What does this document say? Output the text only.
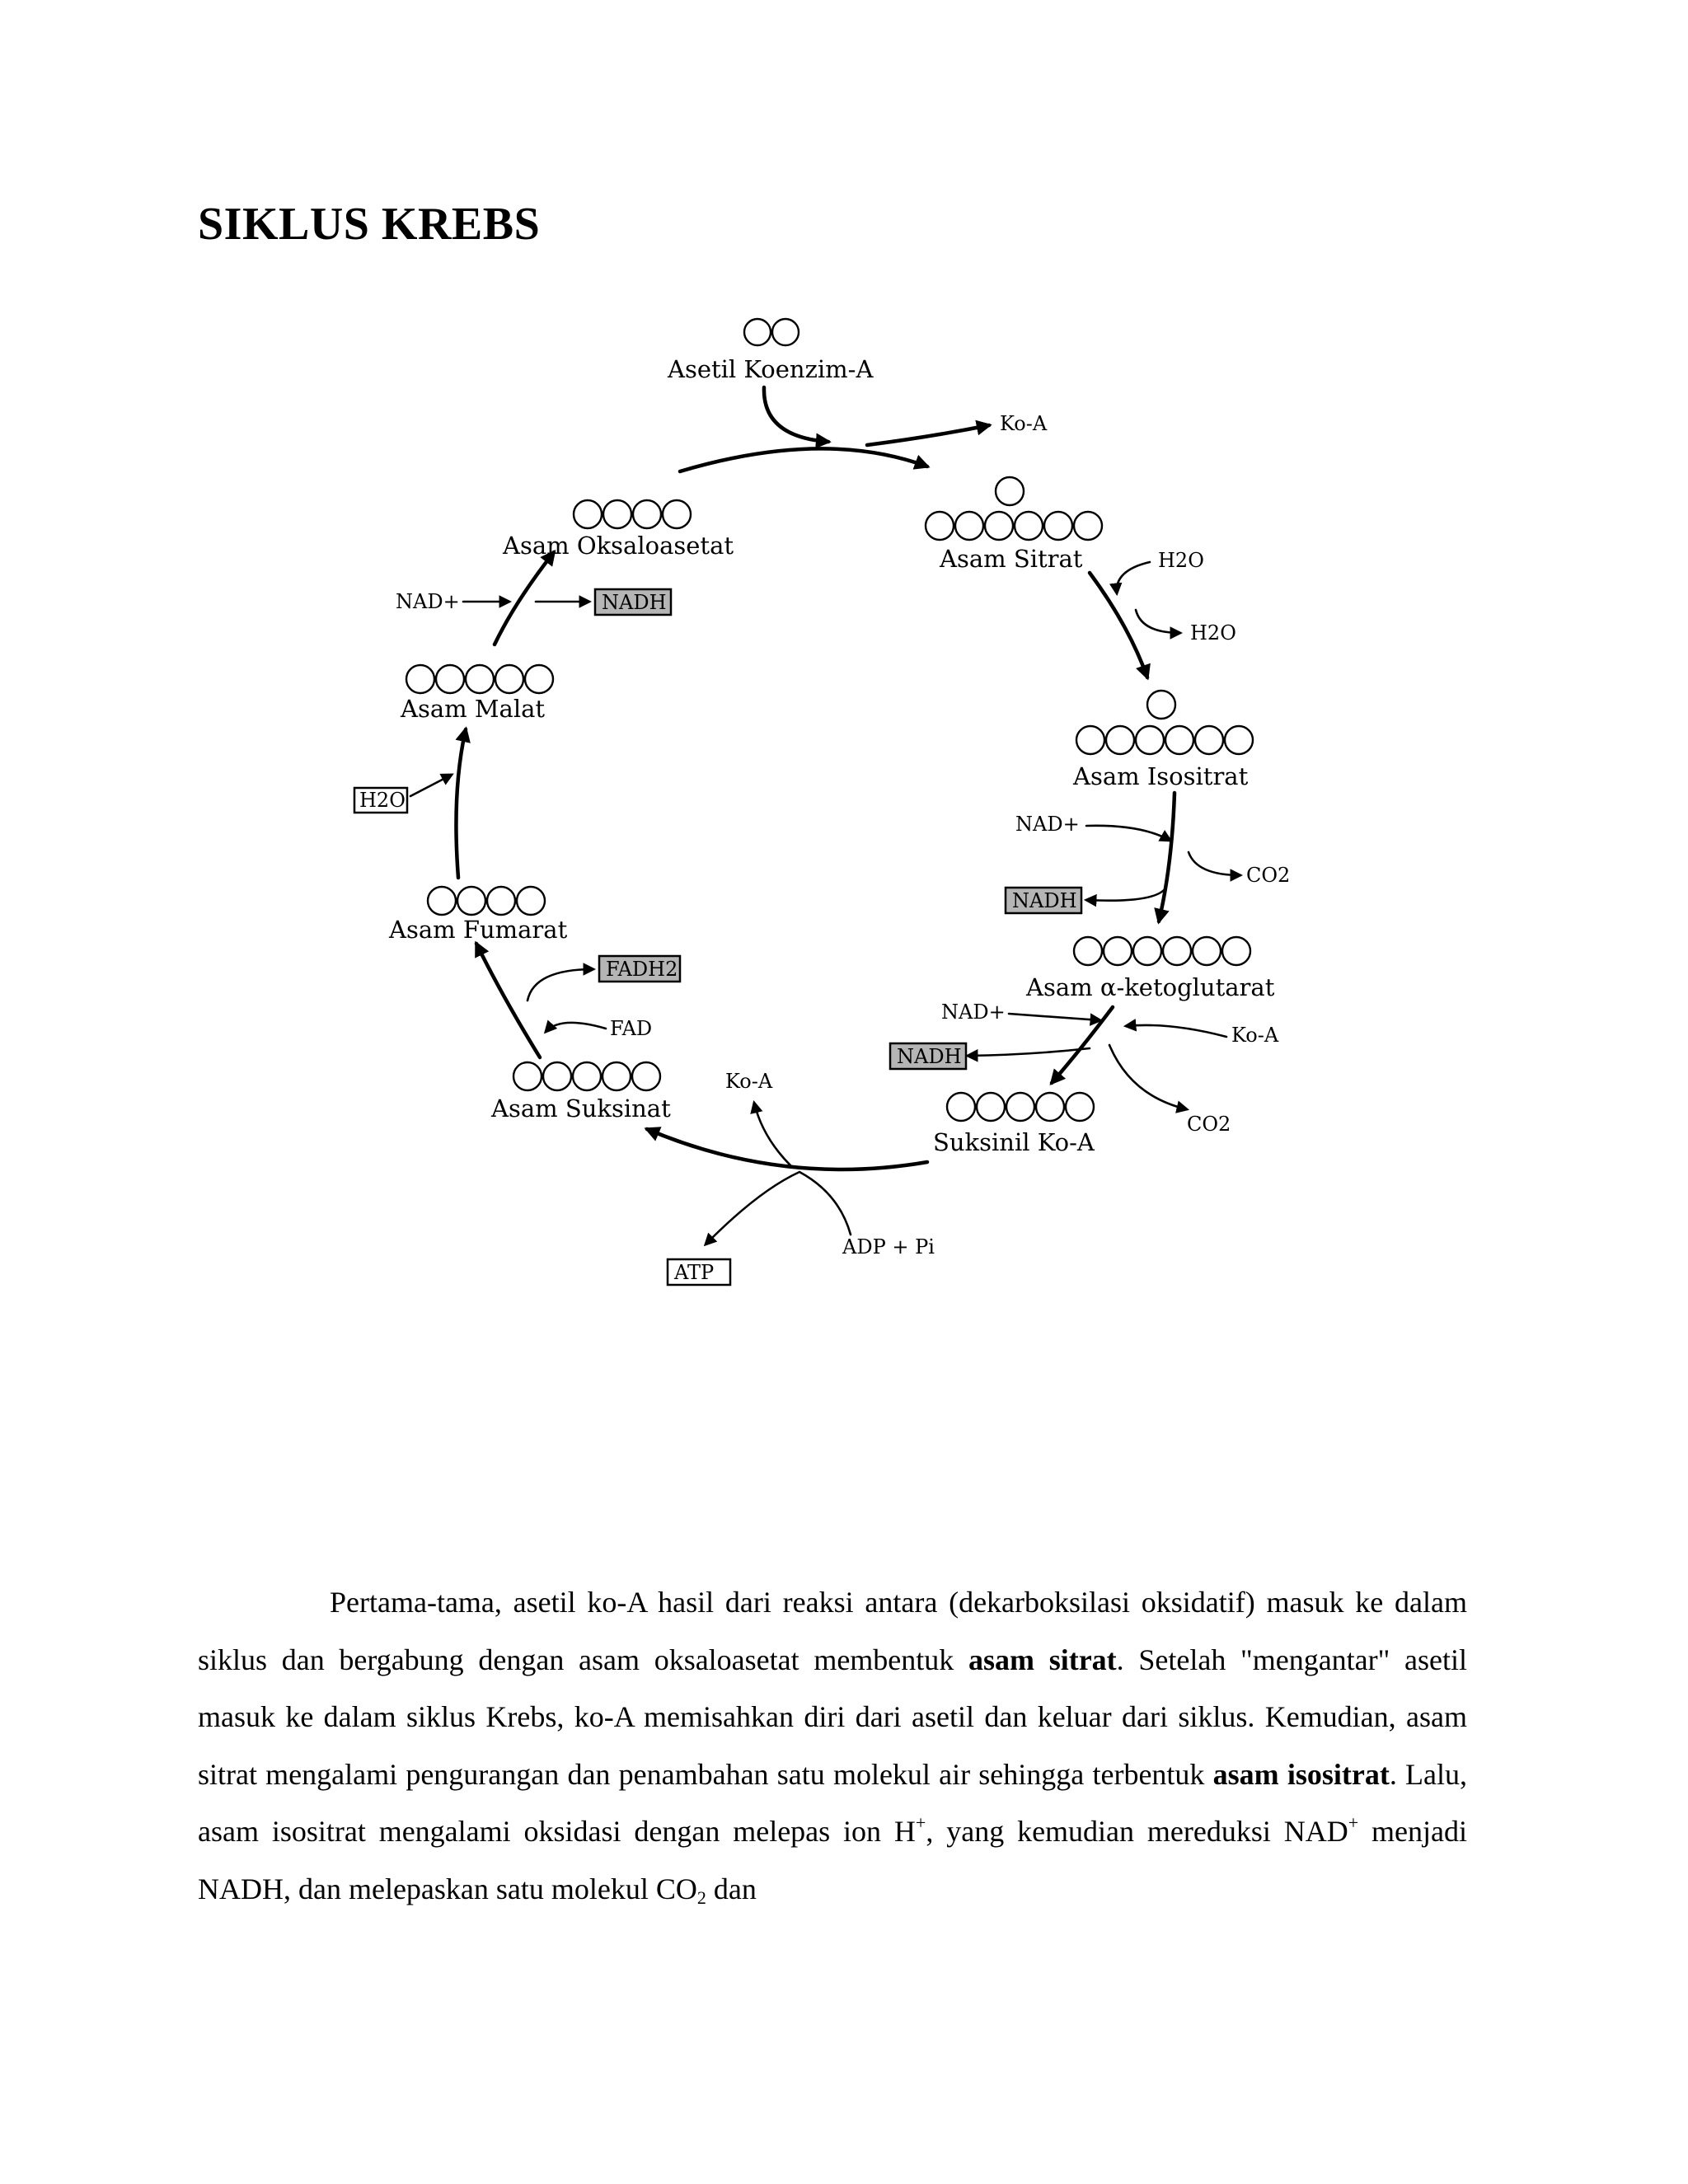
SIKLUS KREBS
Asetil Koenzim-A
Asam Sitrat
Asam Isositrat
Asam α-ketoglutarat
Suksinil Ko-A
Asam Suksinat
Asam Fumarat
Asam Malat
Asam Oksaloasetat
Ko-A
H2O
H2O
NAD+
CO2
NADH
NAD+
Ko-A
NADH
CO2
Ko-A
ADP + Pi
ATP
FAD
FADH2
H2O
NAD+	NADH

Pertama-tama, asetil ko-A hasil dari reaksi antara (dekarboksilasi oksidatif) masuk ke dalam siklus dan bergabung dengan asam oksaloasetat membentuk asam sitrat. Setelah "mengantar" asetil masuk ke dalam siklus Krebs, ko-A memisahkan diri dari asetil dan keluar dari siklus. Kemudian, asam sitrat mengalami pengurangan dan penambahan satu molekul air sehingga terbentuk asam isositrat. Lalu, asam isositrat mengalami oksidasi dengan melepas ion H+, yang kemudian mereduksi NAD+ menjadi NADH, dan melepaskan satu molekul $CO_2$ dan
